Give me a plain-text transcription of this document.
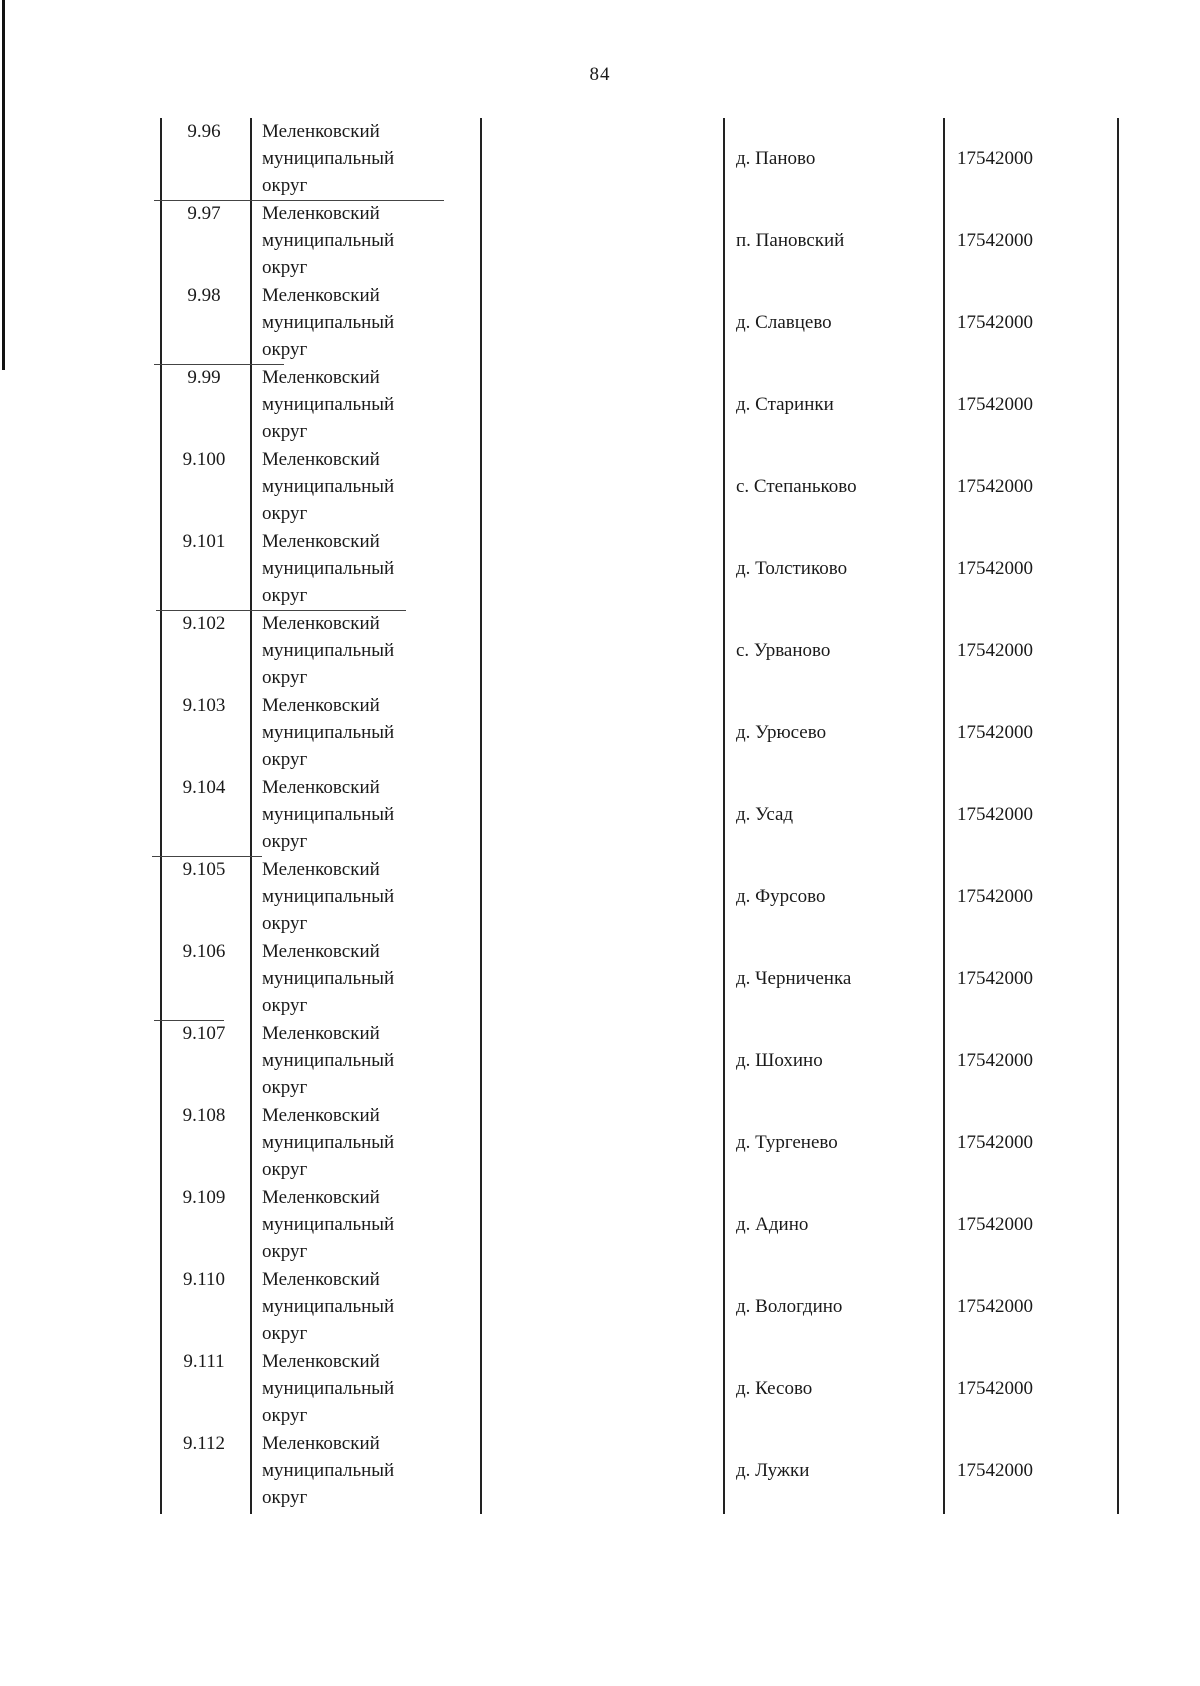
84
9.96	Меленковский
муниципальный
округ
д. Паново	17542000
9.97	Меленковский
муниципальный
округ
п. Пановский	17542000
9.98	Меленковский
муниципальный
округ
д. Славцево	17542000
9.99	Меленковский
муниципальный
округ
д. Старинки	17542000
9.100	Меленковский
муниципальный
округ
с. Степаньково	17542000
9.101	Меленковский
муниципальный
округ
д. Толстиково	17542000
9.102	Меленковский
муниципальный
округ
с. Урваново	17542000
9.103	Меленковский
муниципальный
округ
д. Урюсево	17542000
9.104	Меленковский
муниципальный
округ
д. Усад	17542000
9.105	Меленковский
муниципальный
округ
д. Фурсово	17542000
9.106	Меленковский
муниципальный
округ
д. Черниченка	17542000
9.107	Меленковский
муниципальный
округ
д. Шохино	17542000
9.108	Меленковский
муниципальный
округ
д. Тургенево	17542000
9.109	Меленковский
муниципальный
округ
д. Адино	17542000
9.110	Меленковский
муниципальный
округ
д. Вологдино	17542000
9.111	Меленковский
муниципальный
округ
д. Кесово	17542000
9.112	Меленковский
муниципальный
округ
д. Лужки	17542000
